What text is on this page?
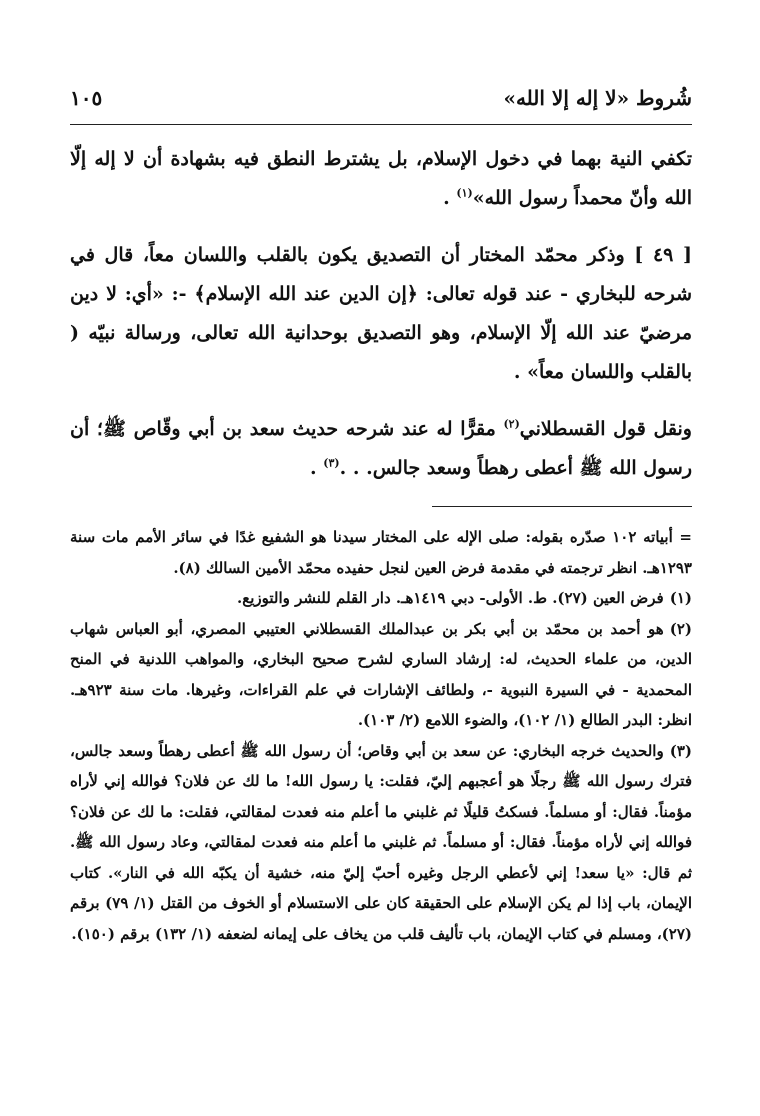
شُروط «لا إله إلا الله»
١٠٥

تكفي النية بهما في دخول الإسلام، بل يشترط النطق فيه بشهادة أن لا إله إلّا الله وأنّ محمداً رسول الله»$^{(١)}$ .

[ ٤٩ ] وذكر محمّد المختار أن التصديق يكون بالقلب واللسان معاً، قال في شرحه للبخاري - عند قوله تعالى: ﴿إن الدين عند الله الإسلام﴾ -: «أي: لا دين مرضيّ عند الله إلّا الإسلام، وهو التصديق بوحدانية الله تعالى، ورسالة نبيّه ( بالقلب واللسان معاً» .

ونقل قول القسطلاني$^{(٢)}$ مقرًّا له عند شرحه حديث سعد بن أبي وقّاص ﷺ؛ أن رسول الله ﷺ أعطى رهطاً وسعد جالس. . .$^{(٣)}$ .

= أبياته ١٠٢ صدّره بقوله: صلى الإله على المختار سيدنا هو الشفيع غدًا في سائر الأمم مات سنة ١٢٩٣هـ. انظر ترجمته في مقدمة فرض العين لنجل حفيده محمّد الأمين السالك (٨).

(١)فرض العين (٢٧). ط. الأولى- دبي ١٤١٩هـ. دار القلم للنشر والتوزيع.

(٢)هو أحمد بن محمّد بن أبي بكر بن عبدالملك القسطلاني العتيبي المصري، أبو العباس شهاب الدين، من علماء الحديث، له: إرشاد الساري لشرح صحيح البخاري، والمواهب اللدنية في المنح المحمدية - في السيرة النبوية -، ولطائف الإشارات في علم القراءات، وغيرها. مات سنة ٩٢٣هـ. انظر: البدر الطالع (١/ ١٠٢)، والضوء اللامع (٢/ ١٠٣).

(٣)والحديث خرجه البخاري: عن سعد بن أبي وقاص؛ أن رسول الله ﷺ أعطى رهطاً وسعد جالس، فترك رسول الله ﷺ رجلًا هو أعجبهم إليّ، فقلت: يا رسول الله! ما لك عن فلان؟ فوالله إني لأراه مؤمناً. فقال: أو مسلماً. فسكتُ قليلًا ثم غلبني ما أعلم منه فعدت لمقالتي، فقلت: ما لك عن فلان؟ فوالله إني لأراه مؤمناً. فقال: أو مسلماً. ثم غلبني ما أعلم منه فعدت لمقالتي، وعاد رسول الله ﷺ. ثم قال: «يا سعد! إني لأعطي الرجل وغيره أحبّ إليّ منه، خشية أن يكبّه الله في النار». كتاب الإيمان، باب إذا لم يكن الإسلام على الحقيقة كان على الاستسلام أو الخوف من القتل (١/ ٧٩) برقم (٢٧)، ومسلم في كتاب الإيمان، باب تأليف قلب من يخاف على إيمانه لضعفه (١/ ١٣٢) برقم (١٥٠).
